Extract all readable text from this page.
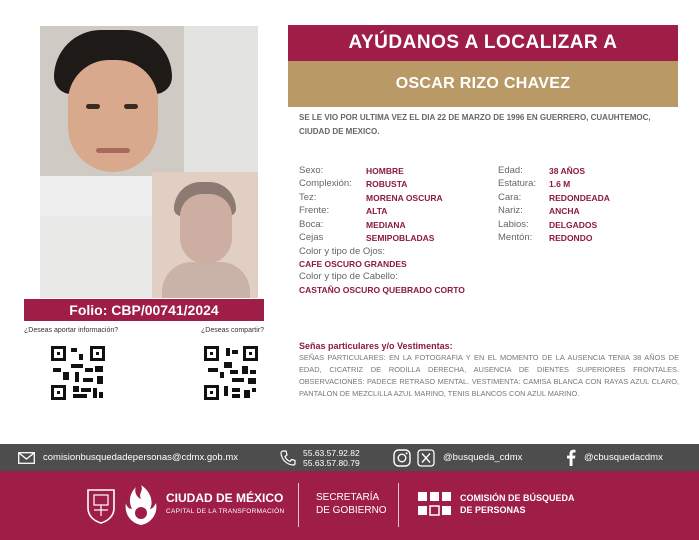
Folio: CBP/00741/2024
¿Deseas aportar información?	¿Deseas compartir?
AYÚDANOS A LOCALIZAR A
OSCAR RIZO CHAVEZ
SE LE VIO POR ULTIMA VEZ EL DIA 22 DE MARZO DE 1996 EN GUERRERO, CUAUHTEMOC, CIUDAD DE MEXICO.
Sexo:	HOMBRE
Complexión: ROBUSTA
Tez:	MORENA OSCURA
Frente:	ALTA
Boca:	MEDIANA
Cejas	SEMIPOBLADAS
Edad:	38 AÑOS
Estatura: 1.6 M
Cara:	REDONDEADA
Nariz:	ANCHA
Labios: DELGADOS
Mentón: REDONDO
Color y tipo de Ojos:
CAFE OSCURO GRANDES
Color y tipo de Cabello:
CASTAÑO OSCURO QUEBRADO CORTO
Señas particulares y/o Vestimentas:
SEÑAS PARTICULARES: EN LA FOTOGRAFIA Y EN EL MOMENTO DE LA AUSENCIA TENIA 38 AÑOS DE EDAD, CICATRIZ DE RODILLA DERECHA, AUSENCIA DE DIENTES SUPERIORES FRONTALES. OBSERVACIONES: PADECE RETRASO MENTAL. VESTIMENTA: CAMISA BLANCA CON RAYAS AZUL CLARO, PANTALON DE MEZCLILLA AZUL MARINO, TENIS BLANCOS CON AZUL MARINO.
comisionbusquedadepersonas@cdmx.gob.mx	55.63.57.92.82
55.63.57.80.79	@busqueda_cdmx	@cbusquedacdmx
CIUDAD DE MÉXICO
CAPITAL DE LA TRANSFORMACIÓN
SECRETARÍA
DE GOBIERNO
COMISIÓN DE BÚSQUEDA
DE PERSONAS
